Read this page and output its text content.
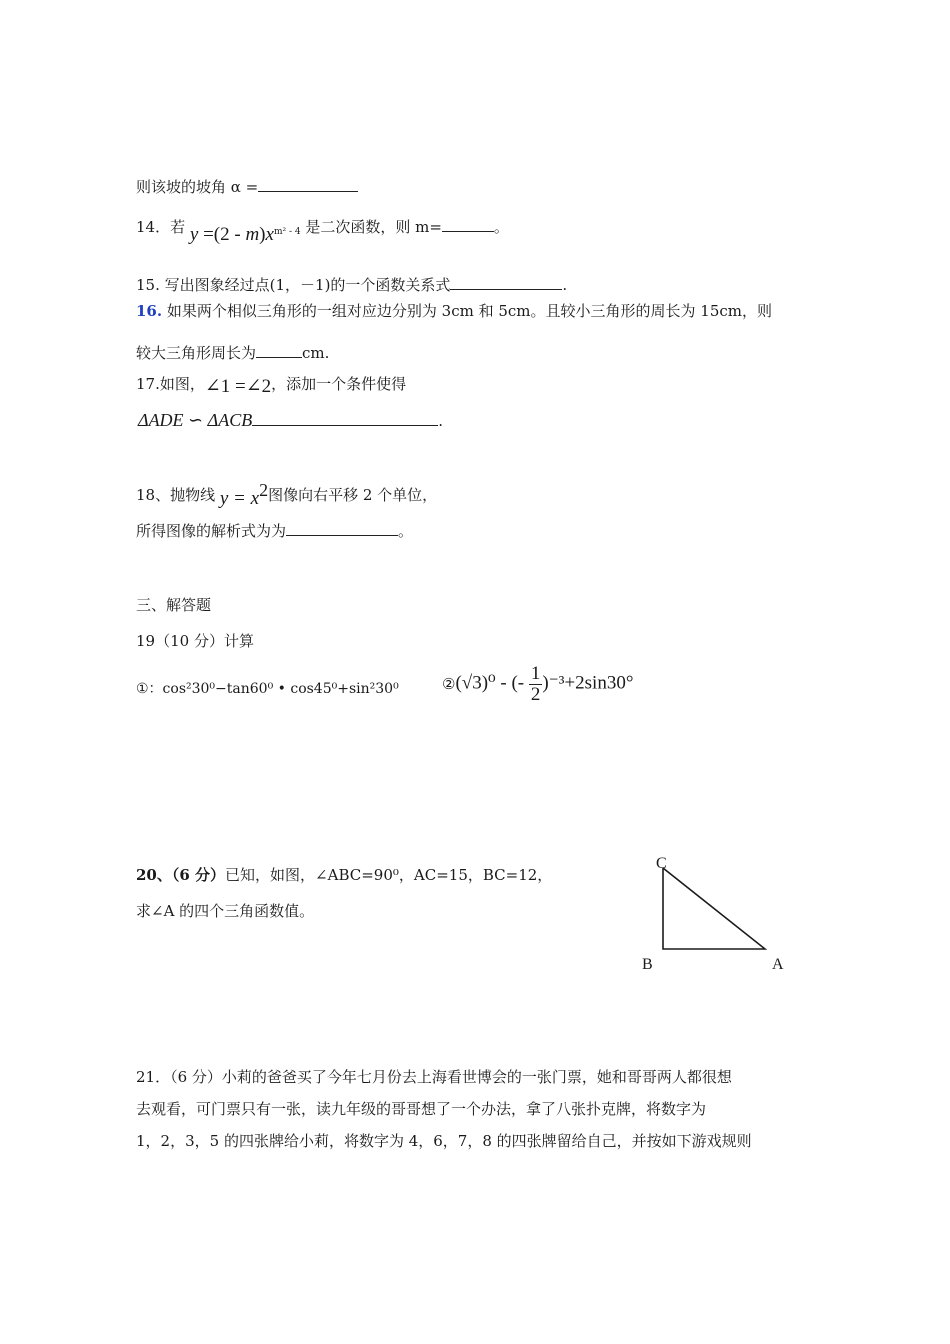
则该坡的坡角 α =
14．若 $y =(2 - m)x^{m^2 - 4}$ 是二次函数，则 m=	。
15. 写出图象经过点(1，－1)的一个函数关系式	.
16. 如果两个相似三角形的一组对应边分别为 3cm 和 5cm。且较小三角形的周长为 15cm，则
较大三角形周长为	cm.
17.如图，∠1 =∠2，添加一个条件使得
ΔADE ∽ ΔACB	.
18、抛物线 $y = x^2$图像向右平移 2 个单位，
所得图像的解析式为为	。
三、解答题
19（10 分）计算
①：cos²30⁰−tan60⁰ • cos45⁰+sin²30⁰	②(√3)⁰ - (- $\frac{1}{2} )^{-3}+2\sin 30^\circ$
20、（6 分）已知，如图，∠ABC=90⁰，AC=15，BC=12，
求∠A 的四个三角函数值。
C
B	A
21．（6 分）小莉的爸爸买了今年七月份去上海看世博会的一张门票，她和哥哥两人都很想
去观看，可门票只有一张，读九年级的哥哥想了一个办法，拿了八张扑克牌，将数字为
1，2，3，5 的四张牌给小莉，将数字为 4，6，7，8 的四张牌留给自己，并按如下游戏规则
